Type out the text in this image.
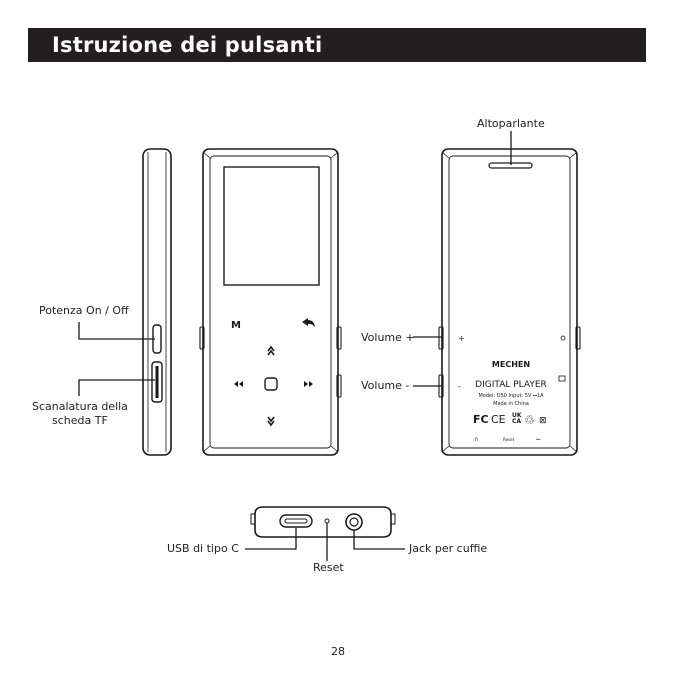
Istruzione dei pulsanti
M
+
-
MECHEN
DIGITAL PLAYER
Model: D50 Input: 5V ⎓1A
Made in China
FC CE UK
CA ♲ ⊠
∩	Reset	⭠
Altoparlante
Potenza On / Off
Scanalatura della
scheda TF
Volume +
Volume -
USB di tipo C
Reset
Jack per cuffie
28
